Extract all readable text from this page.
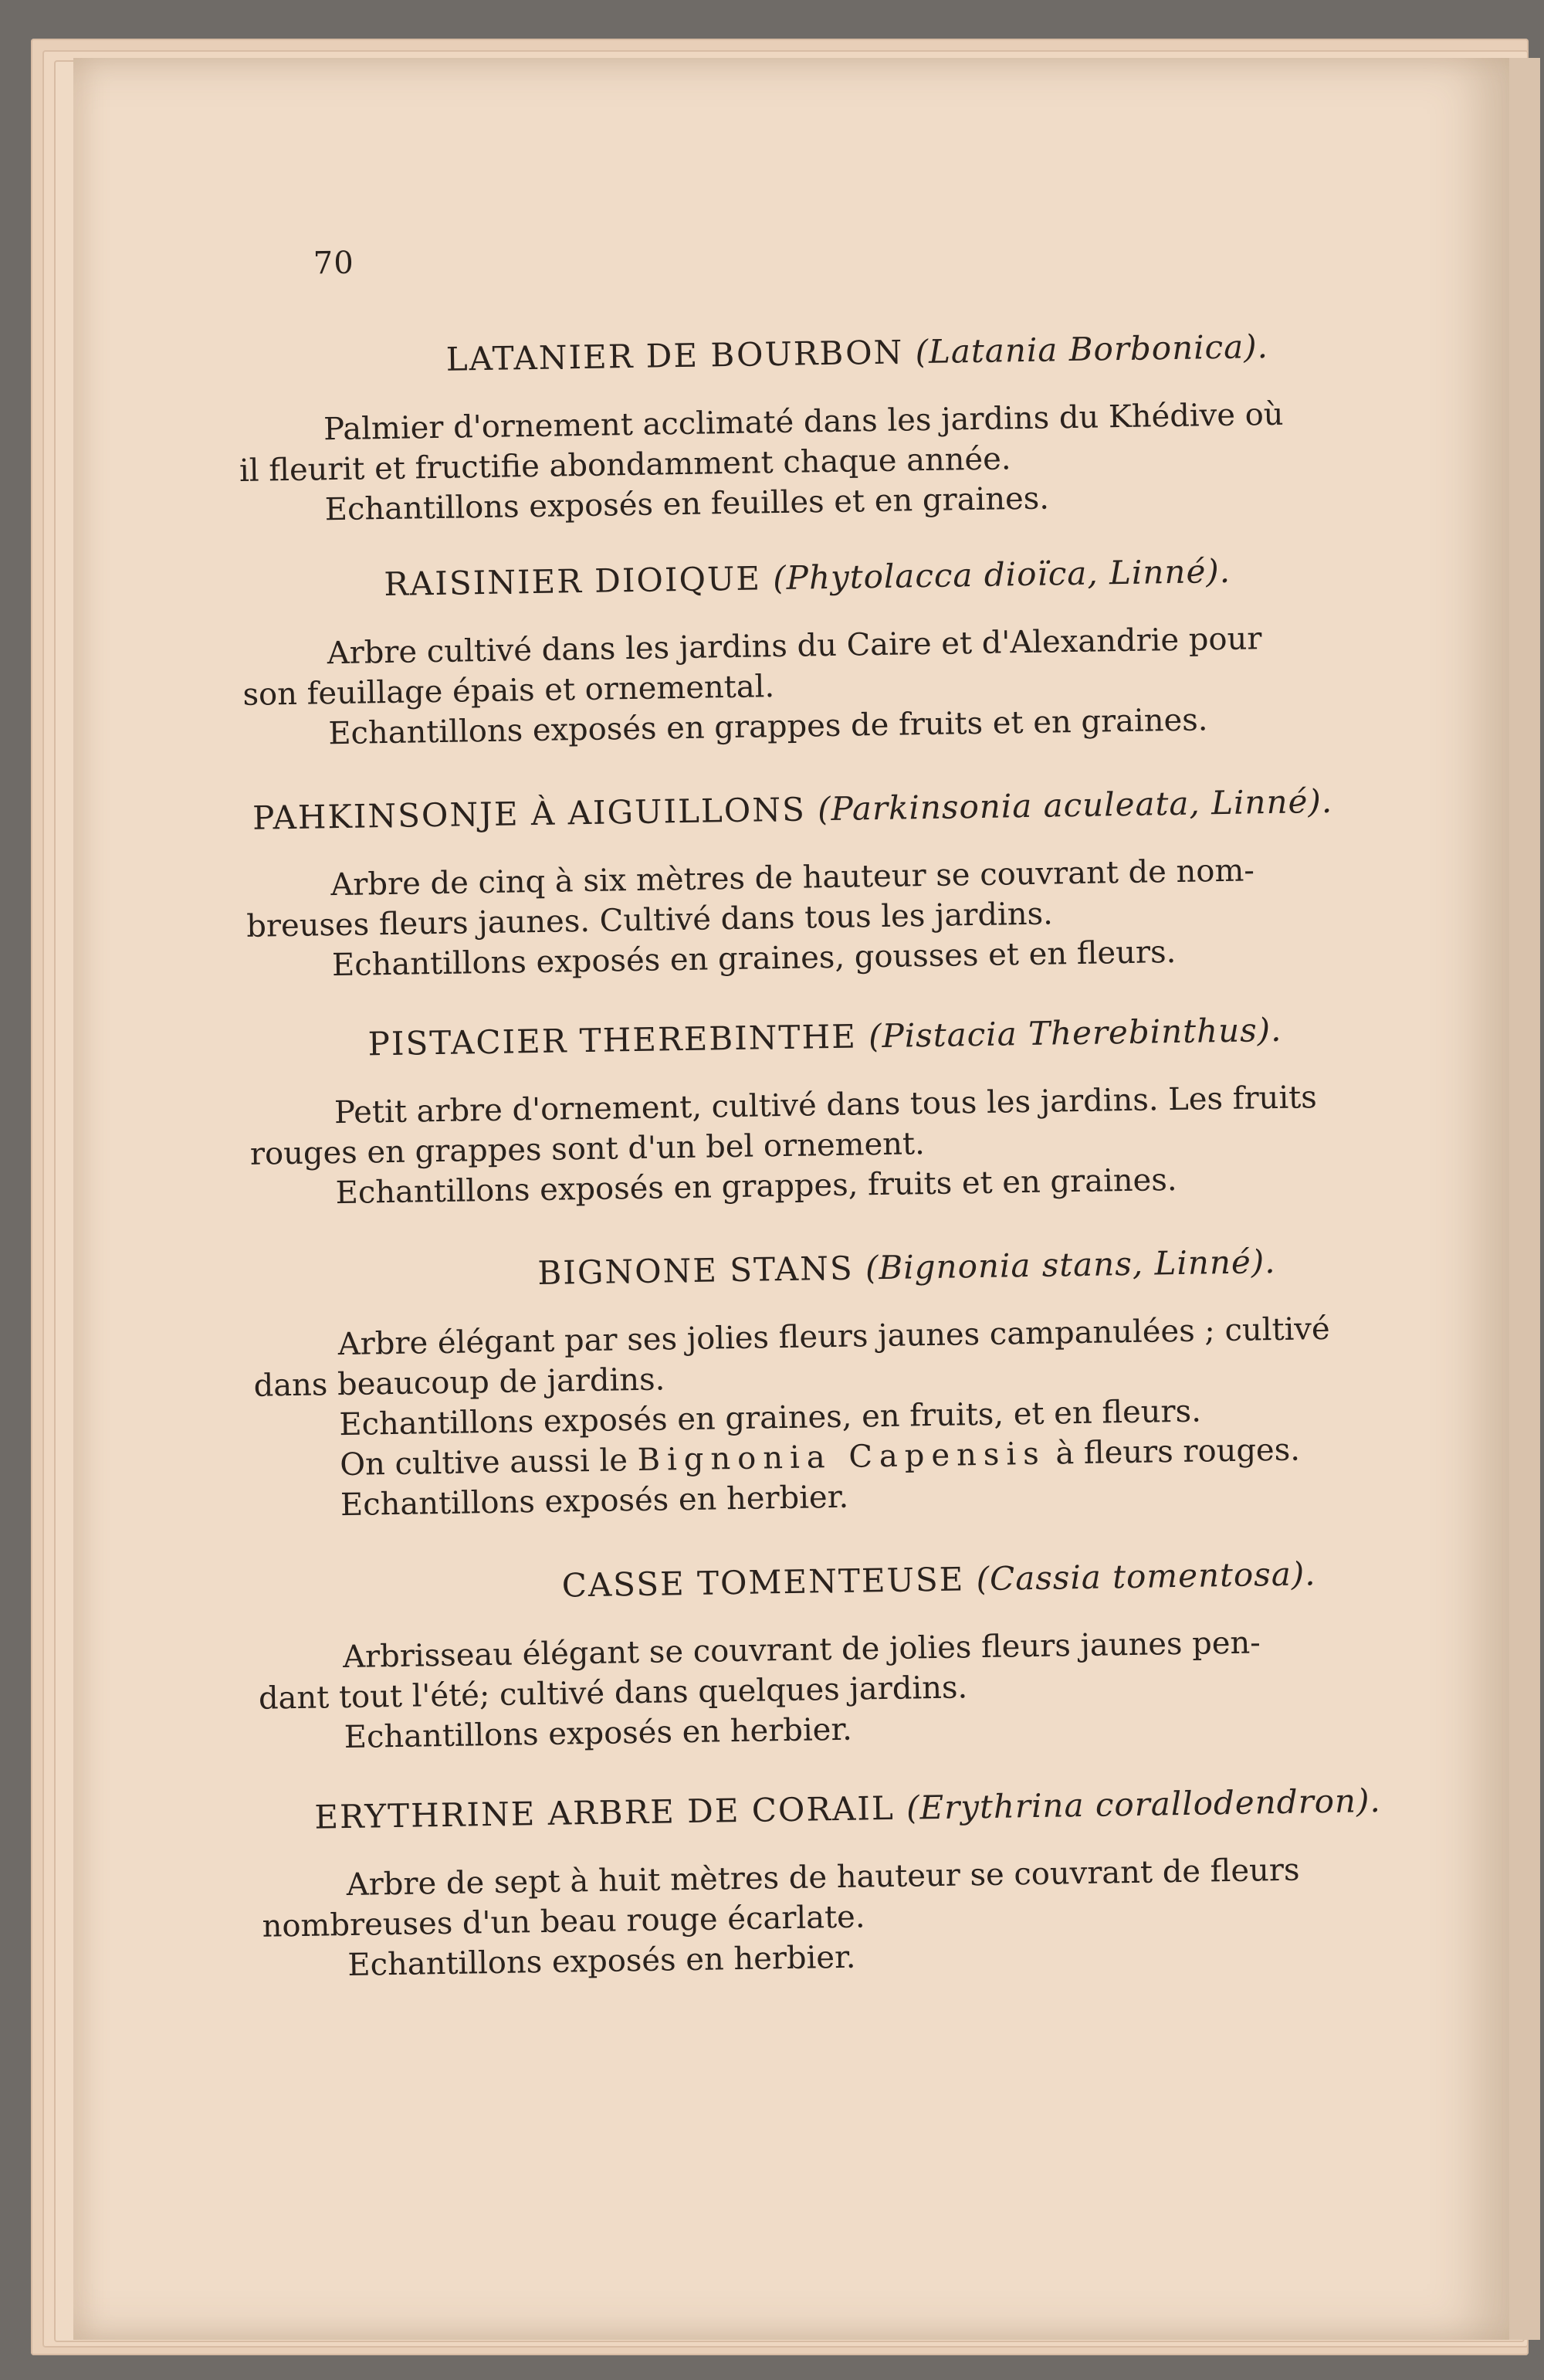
70
LATANIER DE BOURBON (Latania Borbonica).
Palmier d'ornement acclimaté dans les jardins du Khédive où
il fleurit et fructifie abondamment chaque année.
Echantillons exposés en feuilles et en graines.
RAISINIER DIOIQUE (Phytolacca dioïca, Linné).
Arbre cultivé dans les jardins du Caire et d'Alexandrie pour
son feuillage épais et ornemental.
Echantillons exposés en grappes de fruits et en graines.
PAHKINSONJE À AIGUILLONS (Parkinsonia aculeata, Linné).
Arbre de cinq à six mètres de hauteur se couvrant de nom-
breuses fleurs jaunes. Cultivé dans tous les jardins.
Echantillons exposés en graines, gousses et en fleurs.
PISTACIER THEREBINTHE (Pistacia Therebinthus).
Petit arbre d'ornement, cultivé dans tous les jardins. Les fruits
rouges en grappes sont d'un bel ornement.
Echantillons exposés en grappes, fruits et en graines.
BIGNONE STANS (Bignonia stans, Linné).
Arbre élégant par ses jolies fleurs jaunes campanulées ; cultivé
dans beaucoup de jardins.
Echantillons exposés en graines, en fruits, et en fleurs.
On cultive aussi le Bignonia Capensis à fleurs rouges.
Echantillons exposés en herbier.
CASSE TOMENTEUSE (Cassia tomentosa).
Arbrisseau élégant se couvrant de jolies fleurs jaunes pen-
dant tout l'été; cultivé dans quelques jardins.
Echantillons exposés en herbier.
ERYTHRINE ARBRE DE CORAIL (Erythrina corallodendron).
Arbre de sept à huit mètres de hauteur se couvrant de fleurs
nombreuses d'un beau rouge écarlate.
Echantillons exposés en herbier.
